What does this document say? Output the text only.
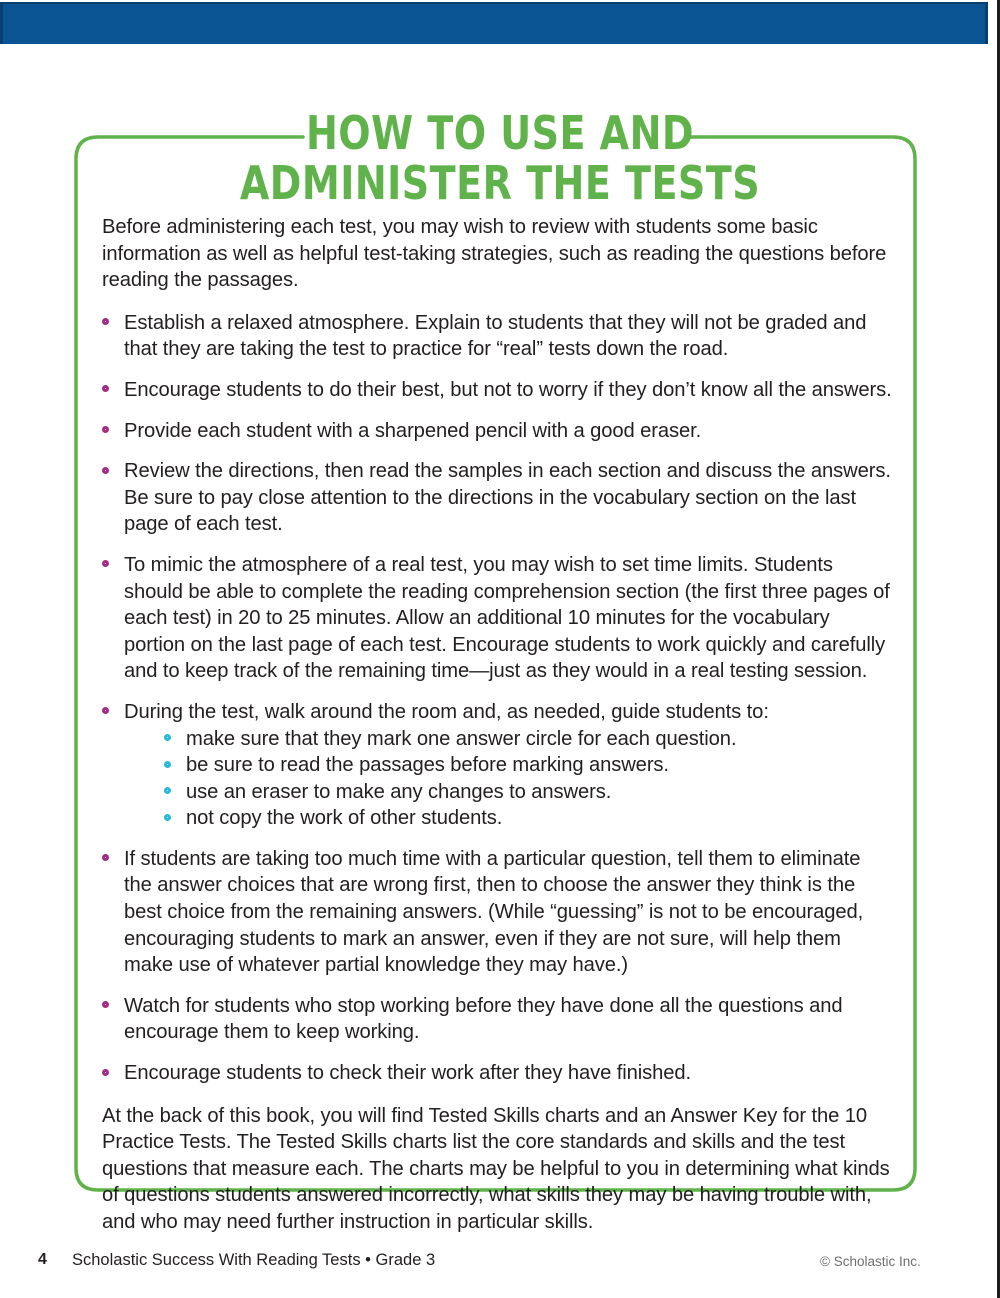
HOW TO USE AND
ADMINISTER THE TESTS

Before administering each test, you may wish to review with students some basic information as well as helpful test-taking strategies, such as reading the questions before reading the passages.

Establish a relaxed atmosphere. Explain to students that they will not be graded and that they are taking the test to practice for “real” tests down the road.
Encourage students to do their best, but not to worry if they don’t know all the answers.
Provide each student with a sharpened pencil with a good eraser.
Review the directions, then read the samples in each section and discuss the answers. Be sure to pay close attention to the directions in the vocabulary section on the last page of each test.
To mimic the atmosphere of a real test, you may wish to set time limits. Students should be able to complete the reading comprehension section (the first three pages of each test) in 20 to 25 minutes. Allow an additional 10 minutes for the vocabulary portion on the last page of each test. Encourage students to work quickly and carefully and to keep track of the remaining time—just as they would in a real testing session.
During the test, walk around the room and, as needed, guide students to:
make sure that they mark one answer circle for each question.
be sure to read the passages before marking answers.
use an eraser to make any changes to answers.
not copy the work of other students.
If students are taking too much time with a particular question, tell them to eliminate the answer choices that are wrong first, then to choose the answer they think is the best choice from the remaining answers. (While “guessing” is not to be encouraged, encouraging students to mark an answer, even if they are not sure, will help them make use of whatever partial knowledge they may have.)
Watch for students who stop working before they have done all the questions and encourage them to keep working.
Encourage students to check their work after they have finished.

At the back of this book, you will find Tested Skills charts and an Answer Key for the 10 Practice Tests. The Tested Skills charts list the core standards and skills and the test questions that measure each. The charts may be helpful to you in determining what kinds of questions students answered incorrectly, what skills they may be having trouble with, and who may need further instruction in particular skills.

4 Scholastic Success With Reading Tests • Grade 3	© Scholastic Inc.
